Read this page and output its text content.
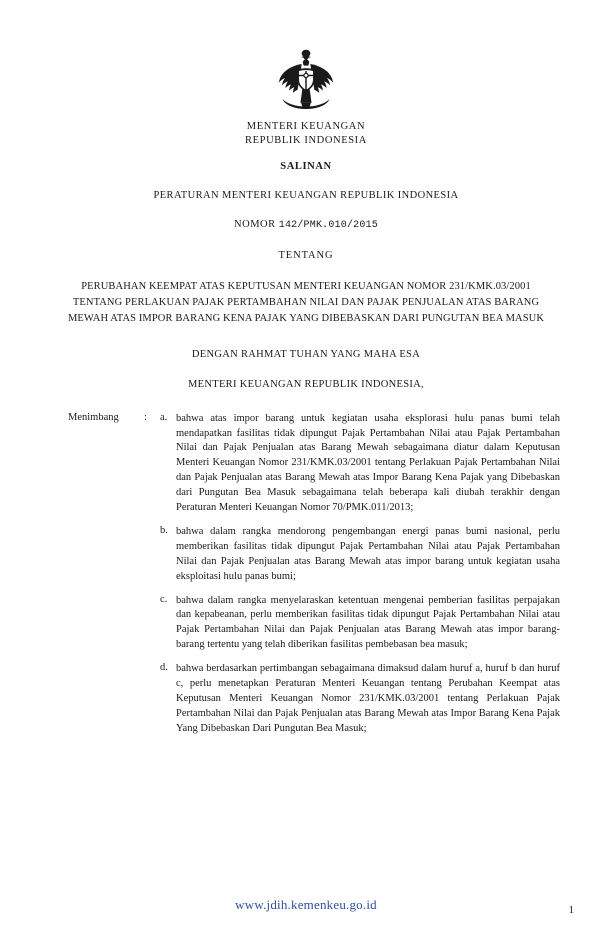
MENTERI KEUANGAN
REPUBLIK INDONESIA
SALINAN
PERATURAN MENTERI KEUANGAN REPUBLIK INDONESIA
NOMOR 142/PMK.010/2015
TENTANG
PERUBAHAN KEEMPAT ATAS KEPUTUSAN MENTERI KEUANGAN NOMOR 231/KMK.03/2001 TENTANG PERLAKUAN PAJAK PERTAMBAHAN NILAI DAN PAJAK PENJUALAN ATAS BARANG MEWAH ATAS IMPOR BARANG KENA PAJAK YANG DIBEBASKAN DARI PUNGUTAN BEA MASUK
DENGAN RAHMAT TUHAN YANG MAHA ESA
MENTERI KEUANGAN REPUBLIK INDONESIA,
Menimbang	:	a. bahwa atas impor barang untuk kegiatan usaha eksplorasi hulu panas bumi telah mendapatkan fasilitas tidak dipungut Pajak Pertambahan Nilai atau Pajak Pertambahan Nilai dan Pajak Penjualan atas Barang Mewah sebagaimana diatur dalam Keputusan Menteri Keuangan Nomor 231/KMK.03/2001 tentang Perlakuan Pajak Pertambahan Nilai dan Pajak Penjualan atas Barang Mewah atas Impor Barang Kena Pajak yang Dibebaskan dari Pungutan Bea Masuk sebagaimana telah beberapa kali diubah terakhir dengan Peraturan Menteri Keuangan Nomor 70/PMK.011/2013;
b. bahwa dalam rangka mendorong pengembangan energi panas bumi nasional, perlu memberikan fasilitas tidak dipungut Pajak Pertambahan Nilai atau Pajak Pertambahan Nilai dan Pajak Penjualan atas Barang Mewah atas impor barang untuk kegiatan usaha eksploitasi hulu panas bumi;
c. bahwa dalam rangka menyelaraskan ketentuan mengenai pemberian fasilitas perpajakan dan kepabeanan, perlu memberikan fasilitas tidak dipungut Pajak Pertambahan Nilai atau Pajak Pertambahan Nilai dan Pajak Penjualan atas Barang Mewah atas impor barang-barang tertentu yang telah diberikan fasilitas pembebasan bea masuk;
d. bahwa berdasarkan pertimbangan sebagaimana dimaksud dalam huruf a, huruf b dan huruf c, perlu menetapkan Peraturan Menteri Keuangan tentang Perubahan Keempat atas Keputusan Menteri Keuangan Nomor 231/KMK.03/2001 tentang Perlakuan Pajak Pertambahan Nilai dan Pajak Penjualan atas Barang Mewah atas Impor Barang Kena Pajak Yang Dibebaskan Dari Pungutan Bea Masuk;
www.jdih.kemenkeu.go.id	1
